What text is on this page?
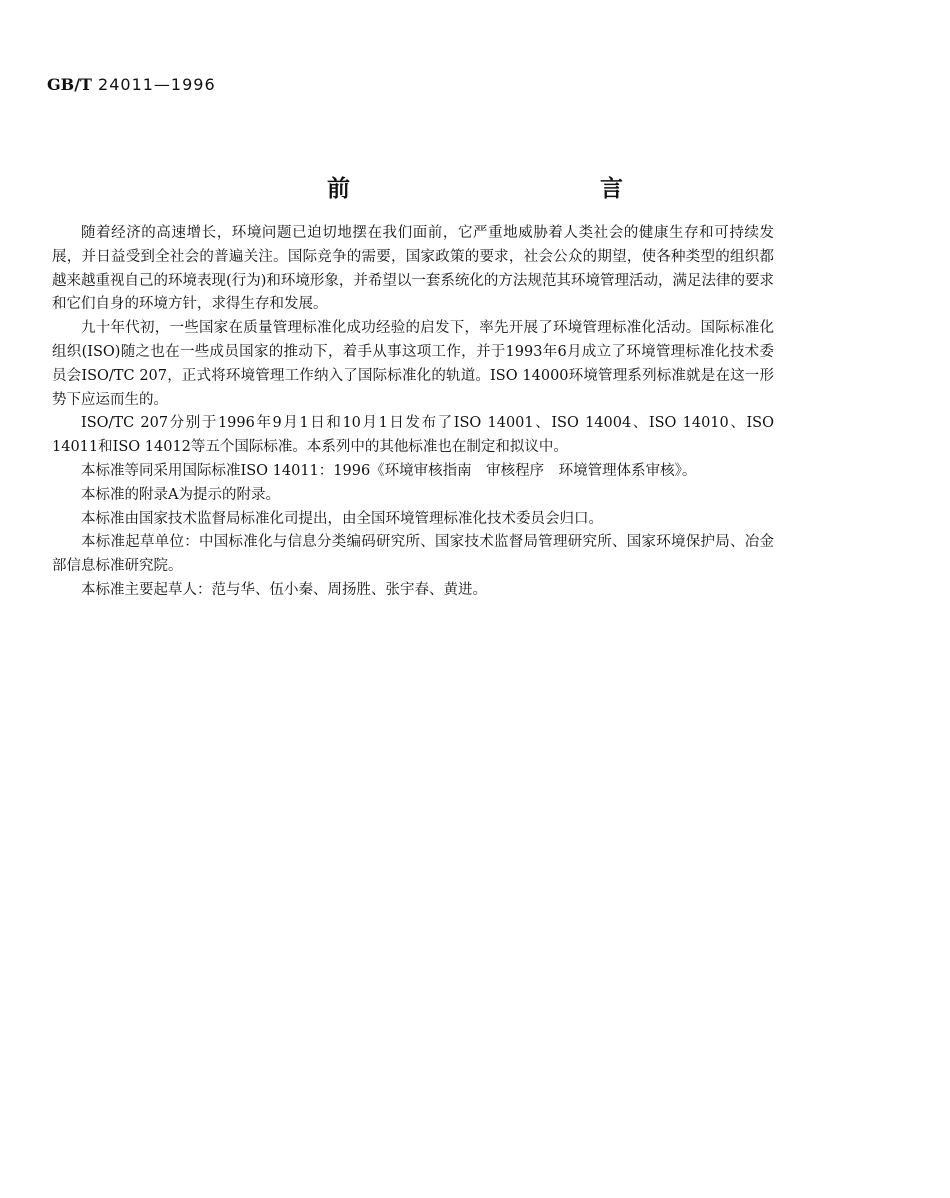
GB/T 24011—1996
前　　言

随着经济的高速增长，环境问题已迫切地摆在我们面前，它严重地威胁着人类社会的健康生存和可持续发展，并日益受到全社会的普遍关注。国际竞争的需要，国家政策的要求，社会公众的期望，使各种类型的组织都越来越重视自己的环境表现(行为)和环境形象，并希望以一套系统化的方法规范其环境管理活动，满足法律的要求和它们自身的环境方针，求得生存和发展。

九十年代初，一些国家在质量管理标准化成功经验的启发下，率先开展了环境管理标准化活动。国际标准化组织(ISO)随之也在一些成员国家的推动下，着手从事这项工作，并于1993年6月成立了环境管理标准化技术委员会ISO/TC 207，正式将环境管理工作纳入了国际标准化的轨道。ISO 14000环境管理系列标准就是在这一形势下应运而生的。

ISO/TC 207分别于1996年9月1日和10月1日发布了ISO 14001、ISO 14004、ISO 14010、ISO 14011和ISO 14012等五个国际标准。本系列中的其他标准也在制定和拟议中。

本标准等同采用国际标准ISO 14011：1996《环境审核指南　审核程序　环境管理体系审核》。

本标准的附录A为提示的附录。

本标准由国家技术监督局标准化司提出，由全国环境管理标准化技术委员会归口。

本标准起草单位：中国标准化与信息分类编码研究所、国家技术监督局管理研究所、国家环境保护局、冶金部信息标准研究院。

本标准主要起草人：范与华、伍小秦、周扬胜、张宇春、黄进。
